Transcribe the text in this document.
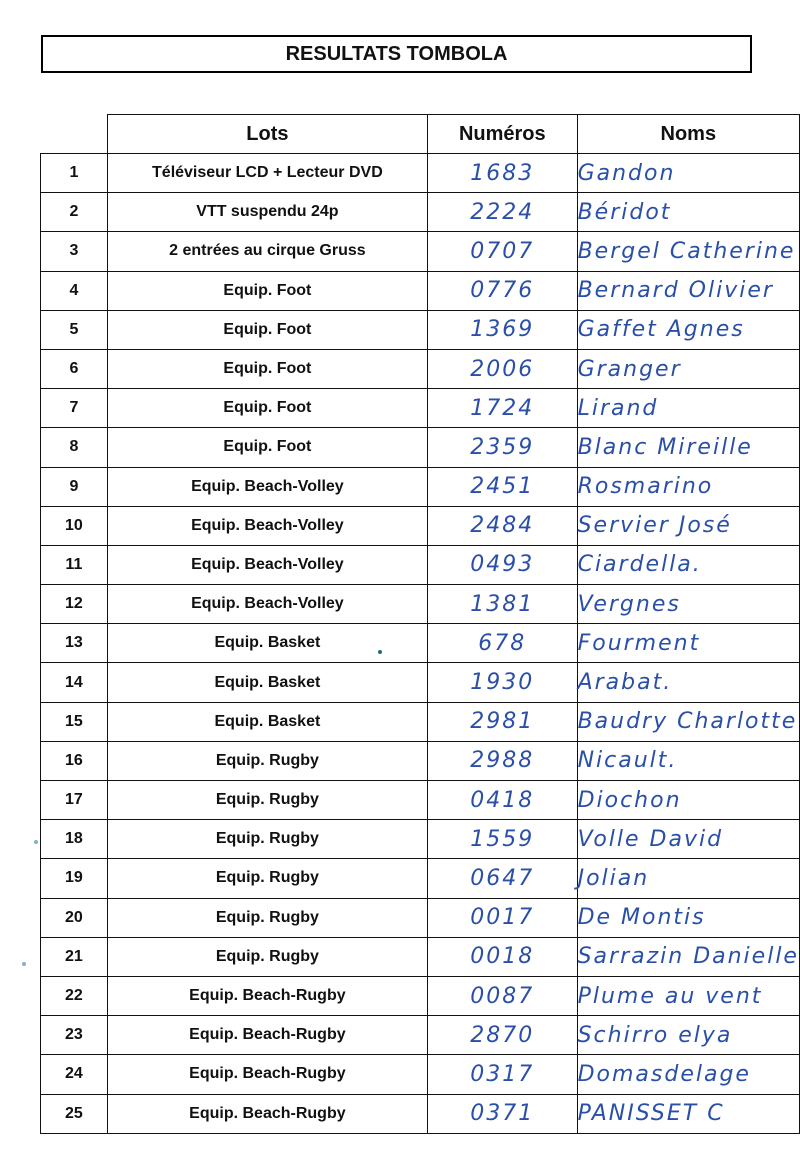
RESULTATS TOMBOLA
	Lots	Numéros	Noms
1	Téléviseur LCD + Lecteur DVD	1683	Gandon
2	VTT suspendu 24p	2224	Béridot
3	2 entrées au cirque Gruss	0707	Bergel Catherine
4	Equip. Foot	0776	Bernard Olivier
5	Equip. Foot	1369	Gaffet Agnes
6	Equip. Foot	2006	Granger
7	Equip. Foot	1724	Lirand
8	Equip. Foot	2359	Blanc Mireille
9	Equip. Beach-Volley	2451	Rosmarino
10	Equip. Beach-Volley	2484	Servier José
11	Equip. Beach-Volley	0493	Ciardella.
12	Equip. Beach-Volley	1381	Vergnes
13	Equip. Basket	678	Fourment
14	Equip. Basket	1930	Arabat.
15	Equip. Basket	2981	Baudry Charlotte
16	Equip. Rugby	2988	Nicault.
17	Equip. Rugby	0418	Diochon
18	Equip. Rugby	1559	Volle David
19	Equip. Rugby	0647	Jolian
20	Equip. Rugby	0017	De Montis
21	Equip. Rugby	0018	Sarrazin Danielle
22	Equip. Beach-Rugby	0087	Plume au vent
23	Equip. Beach-Rugby	2870	Schirro elya
24	Equip. Beach-Rugby	0317	Domasdelage
25	Equip. Beach-Rugby	0371	PANISSET C
